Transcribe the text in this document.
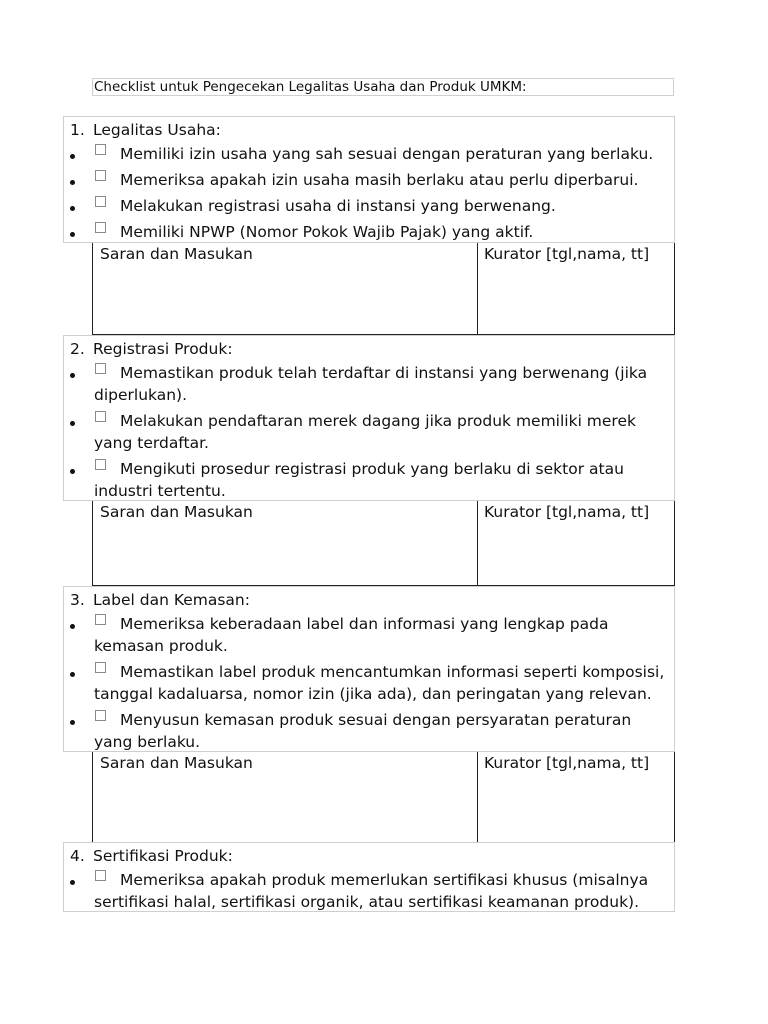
Checklist untuk Pengecekan Legalitas Usaha dan Produk UMKM:
1. Legalitas Usaha:
Memiliki izin usaha yang sah sesuai dengan peraturan yang berlaku.
Memeriksa apakah izin usaha masih berlaku atau perlu diperbarui.
Melakukan registrasi usaha di instansi yang berwenang.
Memiliki NPWP (Nomor Pokok Wajib Pajak) yang aktif.
Saran dan Masukan	Kurator [tgl,nama, tt]
2. Registrasi Produk:
Memastikan produk telah terdaftar di instansi yang berwenang (jika diperlukan).
Melakukan pendaftaran merek dagang jika produk memiliki merek yang terdaftar.
Mengikuti prosedur registrasi produk yang berlaku di sektor atau industri tertentu.
Saran dan Masukan	Kurator [tgl,nama, tt]
3. Label dan Kemasan:
Memeriksa keberadaan label dan informasi yang lengkap pada kemasan produk.
Memastikan label produk mencantumkan informasi seperti komposisi, tanggal kadaluarsa, nomor izin (jika ada), dan peringatan yang relevan.
Menyusun kemasan produk sesuai dengan persyaratan peraturan yang berlaku.
Saran dan Masukan	Kurator [tgl,nama, tt]
4. Sertifikasi Produk:
Memeriksa apakah produk memerlukan sertifikasi khusus (misalnya sertifikasi halal, sertifikasi organik, atau sertifikasi keamanan produk).
